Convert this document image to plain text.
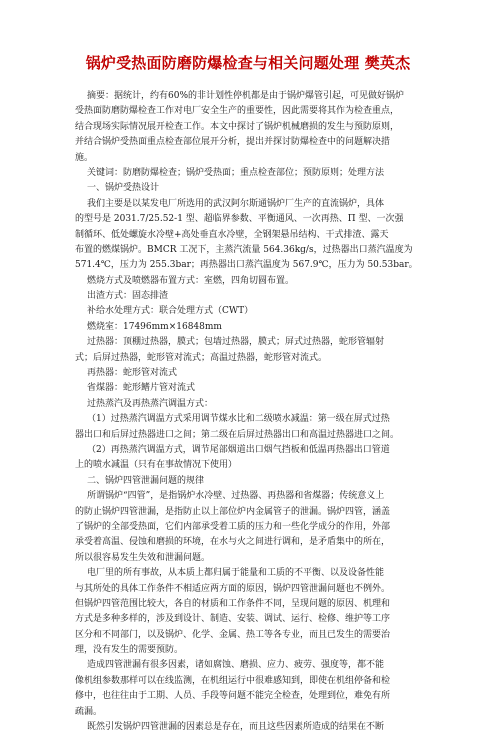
锅炉受热面防磨防爆检查与相关问题处理 樊英杰
摘要：据统计，约有60%的非计划性停机都是由于锅炉爆管引起，可见做好锅炉
受热面防磨防爆检查工作对电厂安全生产的重要性，因此需要将其作为检查重点，
结合现场实际情况展开检查工作。本文中探讨了锅炉机械磨损的发生与预防原则，
并结合锅炉受热面重点检查部位展开分析，提出并探讨防爆检查中的问题解决措
施。
关键词：防磨防爆检查；锅炉受热面；重点检查部位；预防原则；处理方法
一、锅炉受热设计
我们主要是以某发电厂所选用的武汉阿尔斯通锅炉厂生产的直流锅炉，具体
的型号是 2031.7/25.52-1 型、超临界参数、平衡通风、一次再热、Π 型、一次强
制循环、低处螺旋水冷壁+高处垂直水冷壁，全钢架悬吊结构、干式排渣、露天
布置的燃煤锅炉。BMCR 工况下，主蒸汽流量 564.36kg/s，过热器出口蒸汽温度为
571.4℃，压力为 255.3bar；再热器出口蒸汽温度为 567.9℃，压力为 50.53bar。
燃烧方式及喷燃器布置方式：室燃，四角切圆布置。
出渣方式：固态排渣
补给水处理方式：联合处理方式（CWT）
燃烧室：17496mm×16848mm
过热器：顶棚过热器，膜式；包墙过热器，膜式；屏式过热器，蛇形管辐射
式；后屏过热器，蛇形管对流式；高温过热器，蛇形管对流式。
再热器：蛇形管对流式
省煤器：蛇形鳍片管对流式
过热蒸汽及再热蒸汽调温方式：
（1）过热蒸汽调温方式采用调节煤水比和二级喷水减温：第一级在屏式过热
器出口和后屏过热器进口之间；第二级在后屏过热器出口和高温过热器进口之间。
（2）再热蒸汽调温方式，调节尾部烟道出口烟气挡板和低温再热器出口管道
上的喷水减温（只有在事故情况下使用）
二、锅炉四管泄漏问题的规律
所谓锅炉“四管”，是指锅炉水冷壁、过热器、再热器和省煤器；传统意义上
的防止锅炉四管泄漏，是指防止以上部位炉内金属管子的泄漏。锅炉四管，涵盖
了锅炉的全部受热面，它们内部承受着工质的压力和一些化学成分的作用，外部
承受着高温、侵蚀和磨损的环境，在水与火之间进行调和，是矛盾集中的所在，
所以很容易发生失效和泄漏问题。
电厂里的所有事故，从本质上都归属于能量和工质的不平衡、以及设备性能
与其所处的具体工作条件不相适应两方面的原因，锅炉四管泄漏问题也不例外。
但锅炉四管范围比较大，各自的材质和工作条件不同，呈现问题的原因、机理和
方式是多种多样的，涉及到设计、制造、安装、调试、运行、检修、维护等工序
区分和不同部门，以及锅炉、化学、金属、热工等各专业，而且已发生的需要治
理，没有发生的需要预防。
造成四管泄漏有很多因素，诸如腐蚀、磨损、应力、疲劳、强度等，都不能
像机组参数那样可以在线监测，在机组运行中很难感知到，即使在机组停备和检
修中，也往往由于工期、人员、手段等问题不能完全检查，处理到位，难免有所
疏漏。
既然引发锅炉四管泄漏的因素总是存在，而且这些因素所造成的结果在不断
